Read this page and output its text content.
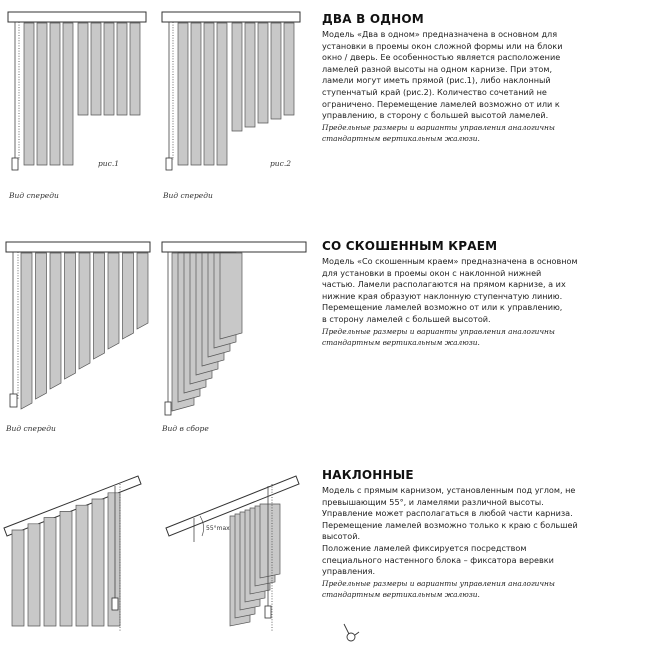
рис.1
Вид спереди
рис.2
Вид спереди
ДВА В ОДНОМ

Модель «Два в одном» предназначена в основном для

установки в проемы окон сложной формы или на блоки

окно / дверь. Ее особенностью является расположение

ламелей разной высоты на одном карнизе. При этом,

ламели могут иметь прямой (рис.1), либо наклонный

ступенчатый край (рис.2). Количество сочетаний не

ограничено. Перемещение ламелей возможно от или к

управлению, в сторону с большей высотой ламелей.

Предельные размеры и варианты управления аналогичны

стандартным вертикальным жалюзи.

Вид спереди	Вид в сборе
СО СКОШЕННЫМ КРАЕМ

Модель «Со скошенным краем» предназначена в основном

для установки в проемы окон с наклонной нижней

частью. Ламели располагаются на прямом карнизе, а их

нижние края образуют наклонную ступенчатую линию.

Перемещение ламелей возможно от или к управлению,

в сторону ламелей с большей высотой.

Предельные размеры и варианты управления аналогичны

стандартным вертикальным жалюзи.

55°max
НАКЛОННЫЕ

Модель с прямым карнизом, установленным под углом, не

превышающим 55°, и ламелями различной высоты.

Управление может располагаться в любой части карниза.

Перемещение ламелей возможно только к краю с большей

высотой.

Положение ламелей фиксируется посредством

специального настенного блока – фиксатора веревки

управления.

Предельные размеры и варианты управления аналогичны

стандартным вертикальным жалюзи.
